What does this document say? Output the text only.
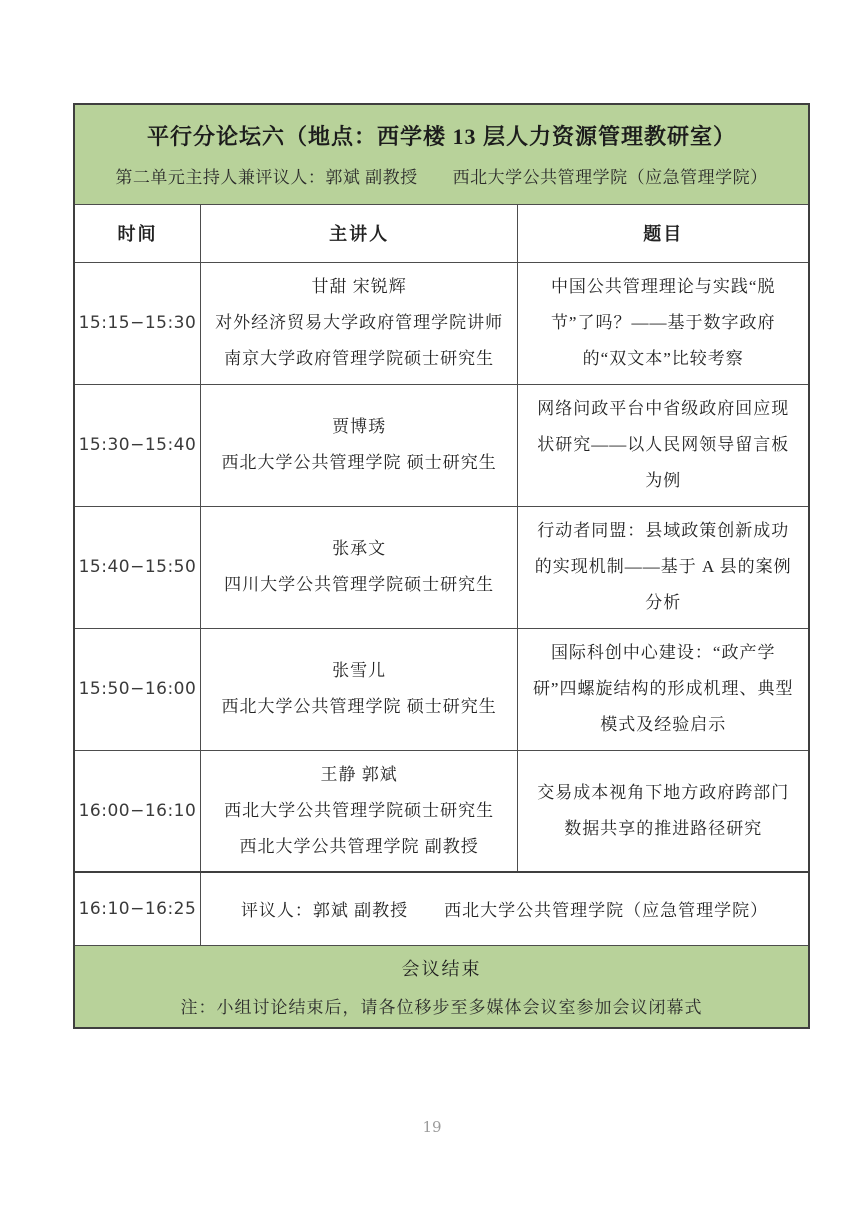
平行分论坛六（地点：西学楼 13 层人力资源管理教研室）
第二单元主持人兼评议人：郭斌 副教授　　西北大学公共管理学院（应急管理学院）		

时间	主讲人	题目
15:15−15:30	甘甜 宋锐辉
对外经济贸易大学政府管理学院讲师
南京大学政府管理学院硕士研究生	中国公共管理理论与实践“脱节”了吗？——基于数字政府的“双文本”比较考察
15:30−15:40	贾博琇
西北大学公共管理学院 硕士研究生	网络问政平台中省级政府回应现状研究——以人民网领导留言板为例
15:40−15:50	张承文
四川大学公共管理学院硕士研究生	行动者同盟：县域政策创新成功的实现机制——基于 A 县的案例分析
15:50−16:00	张雪儿
西北大学公共管理学院 硕士研究生	国际科创中心建设：“政产学研”四螺旋结构的形成机理、典型模式及经验启示
16:00−16:10	王静 郭斌
西北大学公共管理学院硕士研究生
西北大学公共管理学院 副教授	交易成本视角下地方政府跨部门数据共享的推进路径研究
16:10−16:25	评议人：郭斌 副教授　　西北大学公共管理学院（应急管理学院）	

会议结束
注：小组讨论结束后，请各位移步至多媒体会议室参加会议闭幕式		
19
